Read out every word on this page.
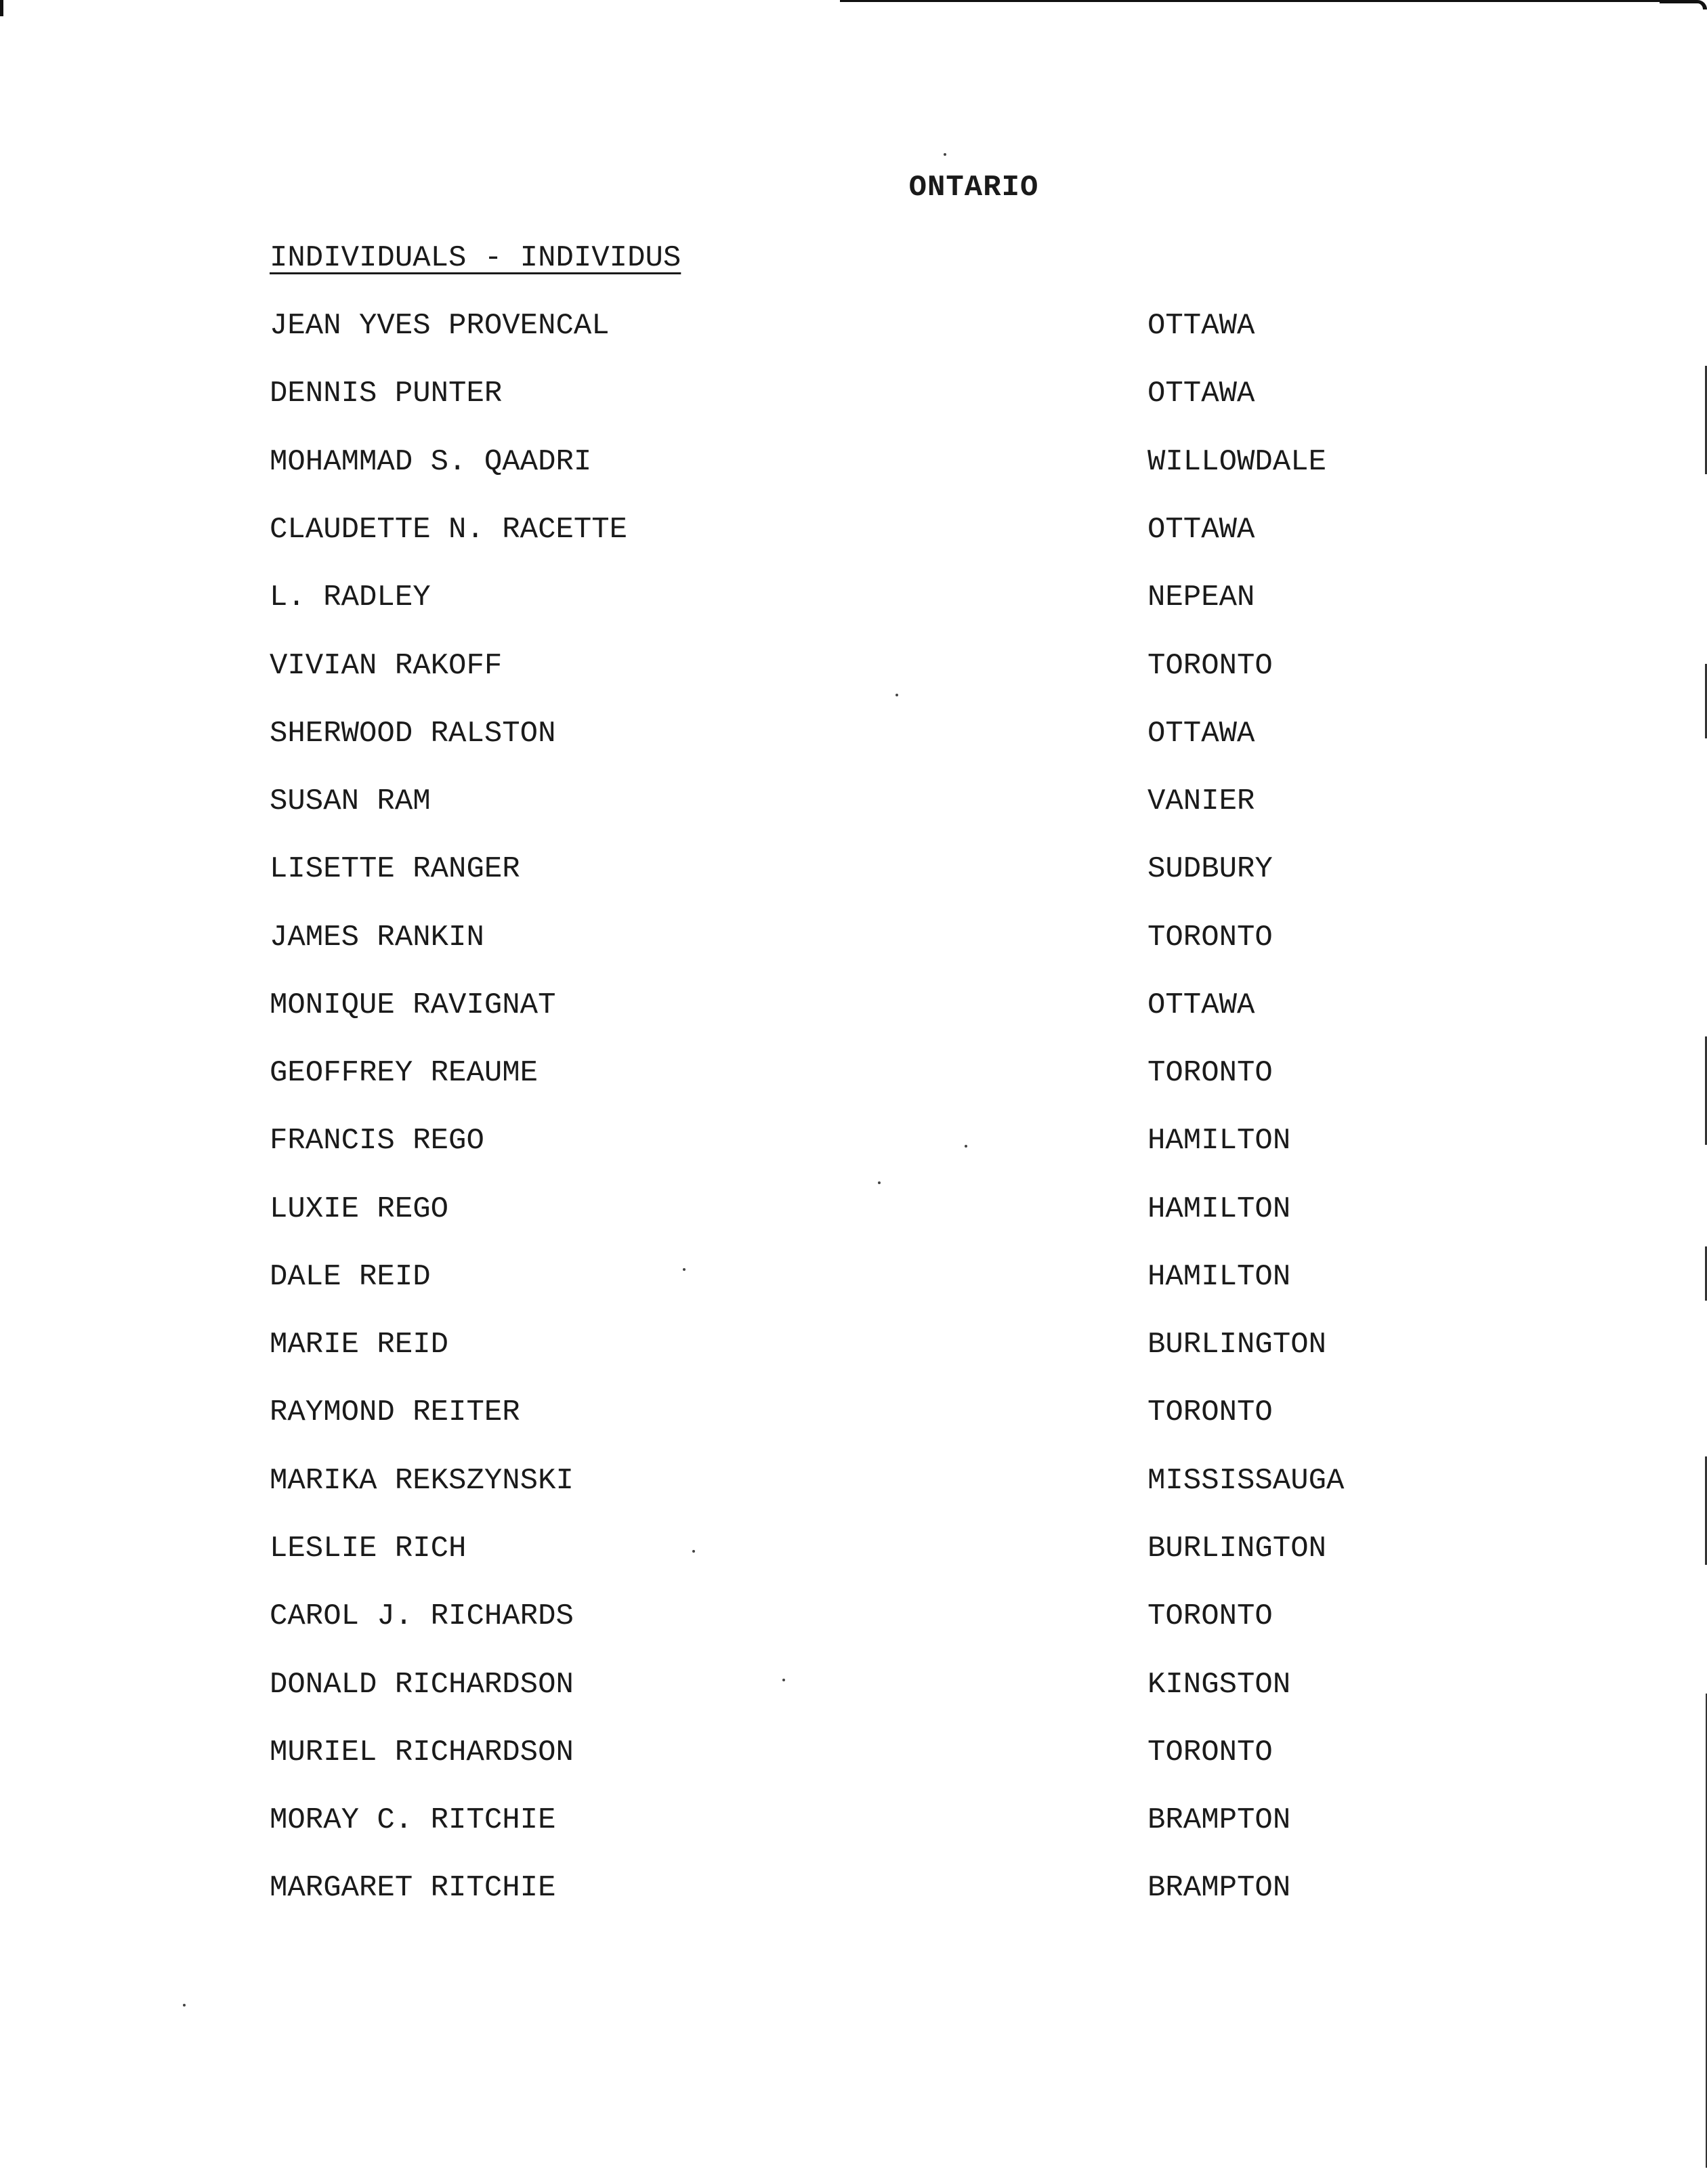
ONTARIO
INDIVIDUALS - INDIVIDUS

JEAN YVES PROVENCAL

	OTTAWA

DENNIS PUNTER

	OTTAWA

MOHAMMAD S. QAADRI

	WILLOWDALE

CLAUDETTE N. RACETTE

	OTTAWA

L. RADLEY

	NEPEAN

VIVIAN RAKOFF

	TORONTO

SHERWOOD RALSTON

	OTTAWA

SUSAN RAM

	VANIER

LISETTE RANGER

	SUDBURY

JAMES RANKIN

	TORONTO

MONIQUE RAVIGNAT

	OTTAWA

GEOFFREY REAUME

	TORONTO

FRANCIS REGO

	HAMILTON

LUXIE REGO

	HAMILTON

DALE REID

	HAMILTON

MARIE REID

	BURLINGTON

RAYMOND REITER

	TORONTO

MARIKA REKSZYNSKI

	MISSISSAUGA

LESLIE RICH

	BURLINGTON

CAROL J. RICHARDS

	TORONTO

DONALD RICHARDSON

	KINGSTON

MURIEL RICHARDSON

	TORONTO

MORAY C. RITCHIE

	BRAMPTON

MARGARET RITCHIE

	BRAMPTON
